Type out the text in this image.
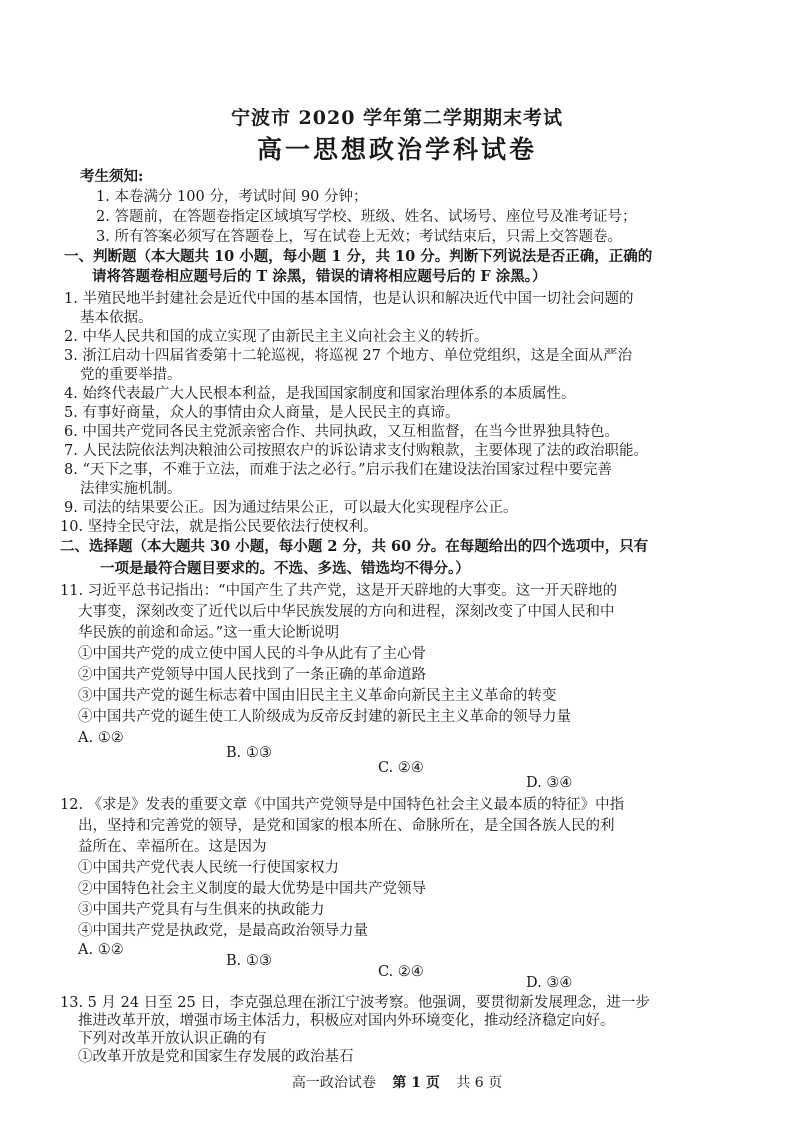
宁波市 2020 学年第二学期期末考试
高一思想政治学科试卷
考生须知:
1. 本卷满分 100 分，考试时间 90 分钟；
2. 答题前，在答题卷指定区域填写学校、班级、姓名、试场号、座位号及准考证号；
3. 所有答案必须写在答题卷上，写在试卷上无效；考试结束后，只需上交答题卷。
一、判断题（本大题共 10 小题，每小题 1 分，共 10 分。判断下列说法是否正确，正确的
请将答题卷相应题号后的 T 涂黑，错误的请将相应题号后的 F 涂黑。）
1. 半殖民地半封建社会是近代中国的基本国情，也是认识和解决近代中国一切社会问题的
基本依据。
2. 中华人民共和国的成立实现了由新民主主义向社会主义的转折。
3. 浙江启动十四届省委第十二轮巡视，将巡视 27 个地方、单位党组织，这是全面从严治
党的重要举措。
4. 始终代表最广大人民根本利益，是我国国家制度和国家治理体系的本质属性。
5. 有事好商量，众人的事情由众人商量，是人民民主的真谛。
6. 中国共产党同各民主党派亲密合作、共同执政，又互相监督，在当今世界独具特色。
7. 人民法院依法判决粮油公司按照农户的诉讼请求支付购粮款，主要体现了法的政治职能。
8. “天下之事，不难于立法，而难于法之必行。”启示我们在建设法治国家过程中要完善
法律实施机制。
9. 司法的结果要公正。因为通过结果公正，可以最大化实现程序公正。
10. 坚持全民守法，就是指公民要依法行使权利。
二、选择题（本大题共 30 小题，每小题 2 分，共 60 分。在每题给出的四个选项中，只有
一项是最符合题目要求的。不选、多选、错选均不得分。）
11. 习近平总书记指出：“中国产生了共产党，这是开天辟地的大事变。这一开天辟地的
大事变，深刻改变了近代以后中华民族发展的方向和进程，深刻改变了中国人民和中
华民族的前途和命运。”这一重大论断说明
①中国共产党的成立使中国人民的斗争从此有了主心骨
②中国共产党领导中国人民找到了一条正确的革命道路
③中国共产党的诞生标志着中国由旧民主主义革命向新民主主义革命的转变
④中国共产党的诞生使工人阶级成为反帝反封建的新民主主义革命的领导力量
A. ①②
B. ①③
C. ②④
D. ③④
12. 《求是》发表的重要文章《中国共产党领导是中国特色社会主义最本质的特征》中指
出，坚持和完善党的领导，是党和国家的根本所在、命脉所在，是全国各族人民的利
益所在、幸福所在。这是因为
①中国共产党代表人民统一行使国家权力
②中国特色社会主义制度的最大优势是中国共产党领导
③中国共产党具有与生俱来的执政能力
④中国共产党是执政党，是最高政治领导力量
A. ①②
B. ①③
C. ②④
D. ③④
13. 5 月 24 日至 25 日，李克强总理在浙江宁波考察。他强调，要贯彻新发展理念，进一步
推进改革开放，增强市场主体活力，积极应对国内外环境变化，推动经济稳定向好。
下列对改革开放认识正确的有
①改革开放是党和国家生存发展的政治基石
高一政治试卷 第 1 页 共 6 页
